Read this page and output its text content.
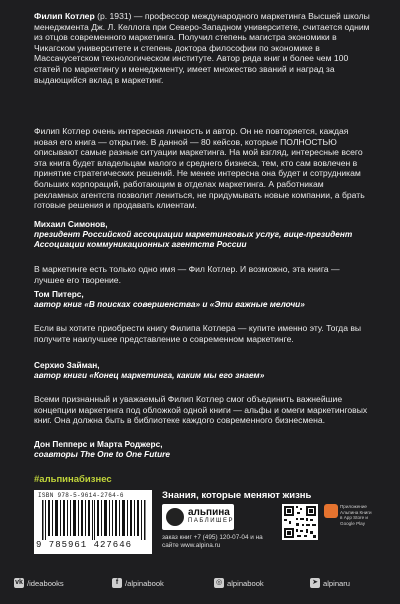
Филип Котлер (р. 1931) — профессор международного маркетинга Высшей школы менеджмента Дж. Л. Келлога при Северо-Западном университете, считается одним из отцов современного маркетинга. Получил степень магистра экономики в Чикагском университете и степень доктора философии по экономике в Массачусетском технологическом институте. Автор ряда книг и более чем 100 статей по маркетингу и менеджменту, имеет множество званий и наград за выдающийся вклад в маркетинг.
Филип Котлер очень интересная личность и автор. Он не повторяется, каждая новая его книга — открытие. В данной — 80 кейсов, которые ПОЛНОСТЬЮ описывают самые разные ситуации маркетинга. На мой взгляд, интересные всего эта книга будет владельцам малого и среднего бизнеса, тем, кто сам вовлечен в принятие стратегических решений. Не менее интересна она будет и сотрудникам больших корпораций, работающим в отделах маркетинга. А работникам рекламных агентств позволит лениться, не придумывать новые компании, а брать готовые решения и продавать клиентам.
Михаил Симонов,
президент Российской ассоциации маркетинговых услуг, вице-президент Ассоциации коммуникационных агентств России
В маркетинге есть только одно имя — Фил Котлер. И возможно, эта книга — лучшее его творение.
Том Питерс,
автор книг «В поисках совершенства» и «Эти важные мелочи»
Если вы хотите приобрести книгу Филипа Котлера — купите именно эту. Тогда вы получите наилучшее представление о современном маркетинге.
Серхио Займан,
автор книги «Конец маркетинга, каким мы его знаем»
Всеми признанный и уважаемый Филип Котлер смог объединить важнейшие концепции маркетинга под обложкой одной книги — альфы и омеги маркетинговых книг. Она должна быть в библиотеке каждого современного бизнесмена.
Дон Пепперс и Марта Роджерс,
соавторы The One to One Future
#альпинабизнес
ISBN 978-5-9614-2764-6
9 785961 427646
Знания, которые меняют жизнь
альпина
ПАБЛИШЕР
заказ книг +7 (495) 120-07-04 и на сайте www.alpina.ru
Приложение Альпина Книги в App Store и Google Play
vk /ideabooks	f /alpinabook	◎ alpinabook	➤ alpinaru
